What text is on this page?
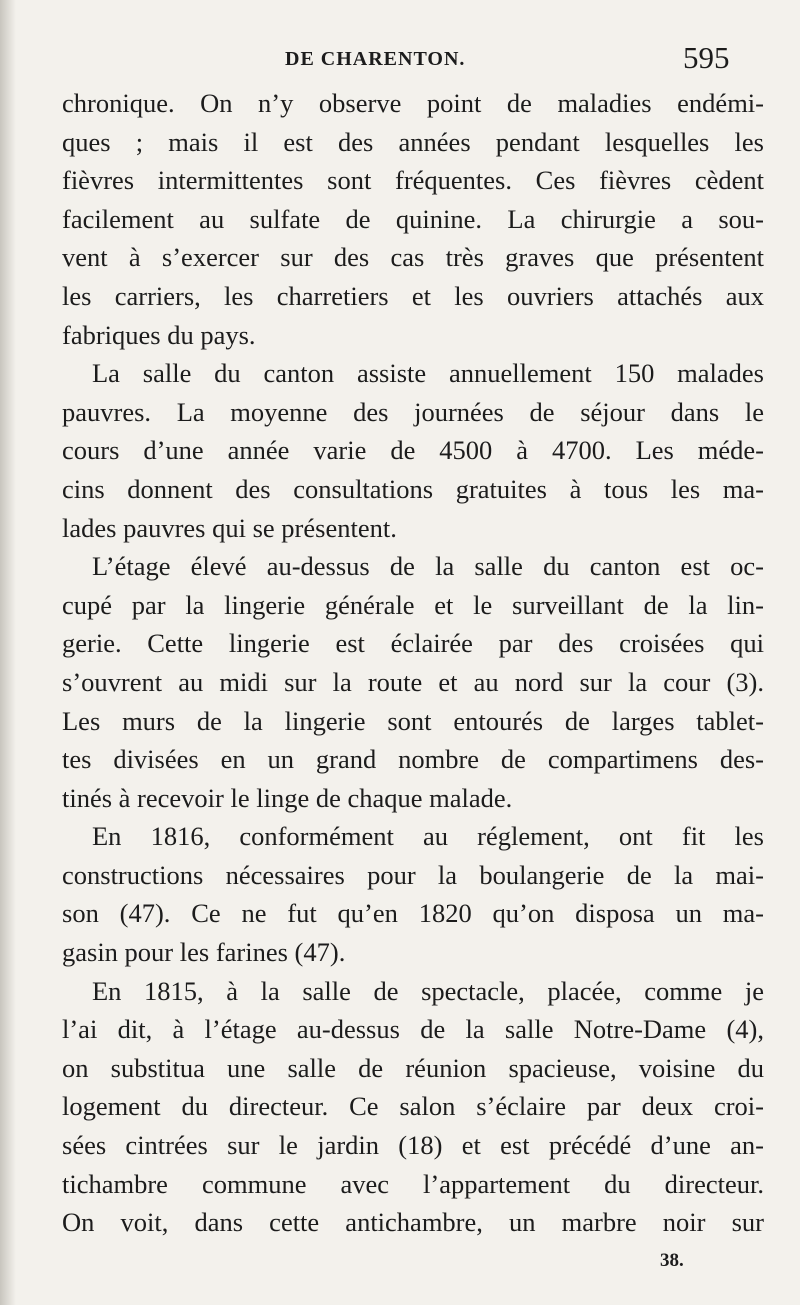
DE CHARENTON.	595

chronique. On n’y observe point de maladies endémi-
ques ; mais il est des années pendant lesquelles les
fièvres intermittentes sont fréquentes. Ces fièvres cèdent
facilement au sulfate de quinine. La chirurgie a sou-
vent à s’exercer sur des cas très graves que présentent
les carriers, les charretiers et les ouvriers attachés aux
fabriques du pays.

La salle du canton assiste annuellement 150 malades
pauvres. La moyenne des journées de séjour dans le
cours d’une année varie de 4500 à 4700. Les méde-
cins donnent des consultations gratuites à tous les ma-
lades pauvres qui se présentent.

L’étage élevé au-dessus de la salle du canton est oc-
cupé par la lingerie générale et le surveillant de la lin-
gerie. Cette lingerie est éclairée par des croisées qui
s’ouvrent au midi sur la route et au nord sur la cour (3).
Les murs de la lingerie sont entourés de larges tablet-
tes divisées en un grand nombre de compartimens des-
tinés à recevoir le linge de chaque malade.

En 1816, conformément au réglement, ont fit les
constructions nécessaires pour la boulangerie de la mai-
son (47). Ce ne fut qu’en 1820 qu’on disposa un ma-
gasin pour les farines (47).

En 1815, à la salle de spectacle, placée, comme je
l’ai dit, à l’étage au-dessus de la salle Notre-Dame (4),
on substitua une salle de réunion spacieuse, voisine du
logement du directeur. Ce salon s’éclaire par deux croi-
sées cintrées sur le jardin (18) et est précédé d’une an-
tichambre commune avec l’appartement du directeur.
On voit, dans cette antichambre, un marbre noir sur

38.
